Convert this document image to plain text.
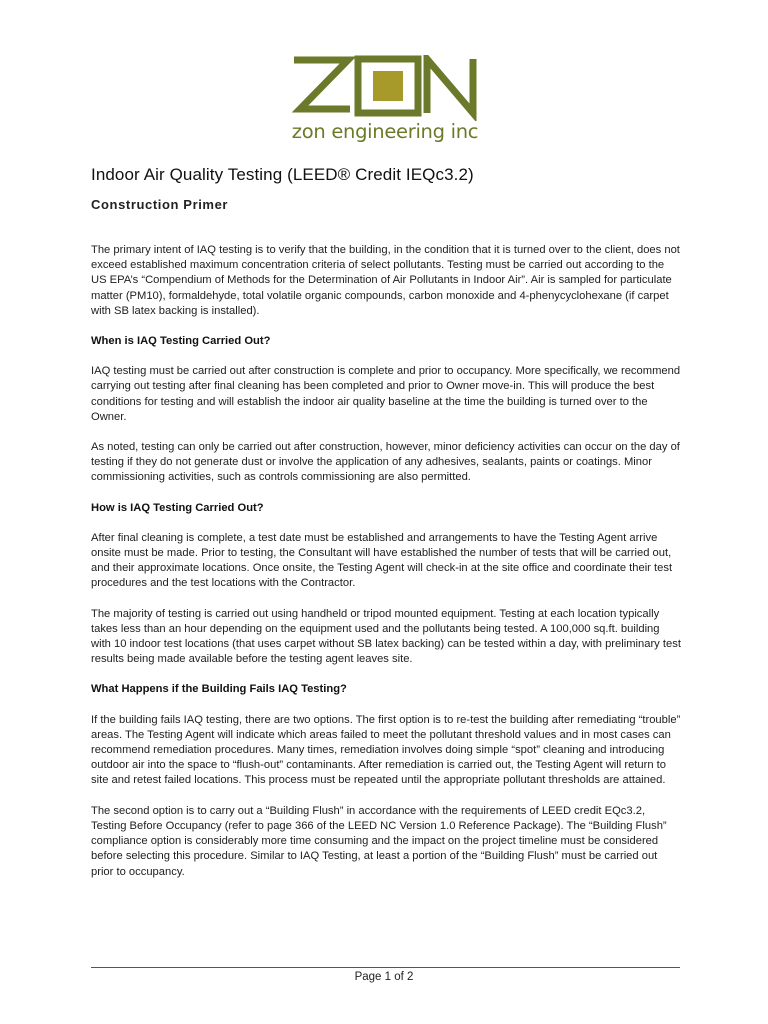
zon engineering inc
Indoor Air Quality Testing (LEED® Credit IEQc3.2)
Construction Primer

The primary intent of IAQ testing is to verify that the building, in the condition that it is turned over to the client, does not exceed established maximum concentration criteria of select pollutants. Testing must be carried out according to the US EPA’s “Compendium of Methods for the Determination of Air Pollutants in Indoor Air”. Air is sampled for particulate matter (PM10), formaldehyde, total volatile organic compounds, carbon monoxide and 4-phenycyclohexane (if carpet with SB latex backing is installed).

When is IAQ Testing Carried Out?

IAQ testing must be carried out after construction is complete and prior to occupancy. More specifically, we recommend carrying out testing after final cleaning has been completed and prior to Owner move-in. This will produce the best conditions for testing and will establish the indoor air quality baseline at the time the building is turned over to the Owner.

As noted, testing can only be carried out after construction, however, minor deficiency activities can occur on the day of testing if they do not generate dust or involve the application of any adhesives, sealants, paints or coatings. Minor commissioning activities, such as controls commissioning are also permitted.

How is IAQ Testing Carried Out?

After final cleaning is complete, a test date must be established and arrangements to have the Testing Agent arrive onsite must be made. Prior to testing, the Consultant will have established the number of tests that will be carried out, and their approximate locations. Once onsite, the Testing Agent will check-in at the site office and coordinate their test procedures and the test locations with the Contractor.

The majority of testing is carried out using handheld or tripod mounted equipment. Testing at each location typically takes less than an hour depending on the equipment used and the pollutants being tested. A 100,000 sq.ft. building with 10 indoor test locations (that uses carpet without SB latex backing) can be tested within a day, with preliminary test results being made available before the testing agent leaves site.

What Happens if the Building Fails IAQ Testing?

If the building fails IAQ testing, there are two options. The first option is to re-test the building after remediating “trouble” areas. The Testing Agent will indicate which areas failed to meet the pollutant threshold values and in most cases can recommend remediation procedures. Many times, remediation involves doing simple “spot” cleaning and introducing outdoor air into the space to “flush-out” contaminants. After remediation is carried out, the Testing Agent will return to site and retest failed locations. This process must be repeated until the appropriate pollutant thresholds are attained.

The second option is to carry out a “Building Flush” in accordance with the requirements of LEED credit EQc3.2, Testing Before Occupancy (refer to page 366 of the LEED NC Version 1.0 Reference Package). The “Building Flush” compliance option is considerably more time consuming and the impact on the project timeline must be considered before selecting this procedure. Similar to IAQ Testing, at least a portion of the “Building Flush” must be carried out prior to occupancy.

Page 1 of 2
